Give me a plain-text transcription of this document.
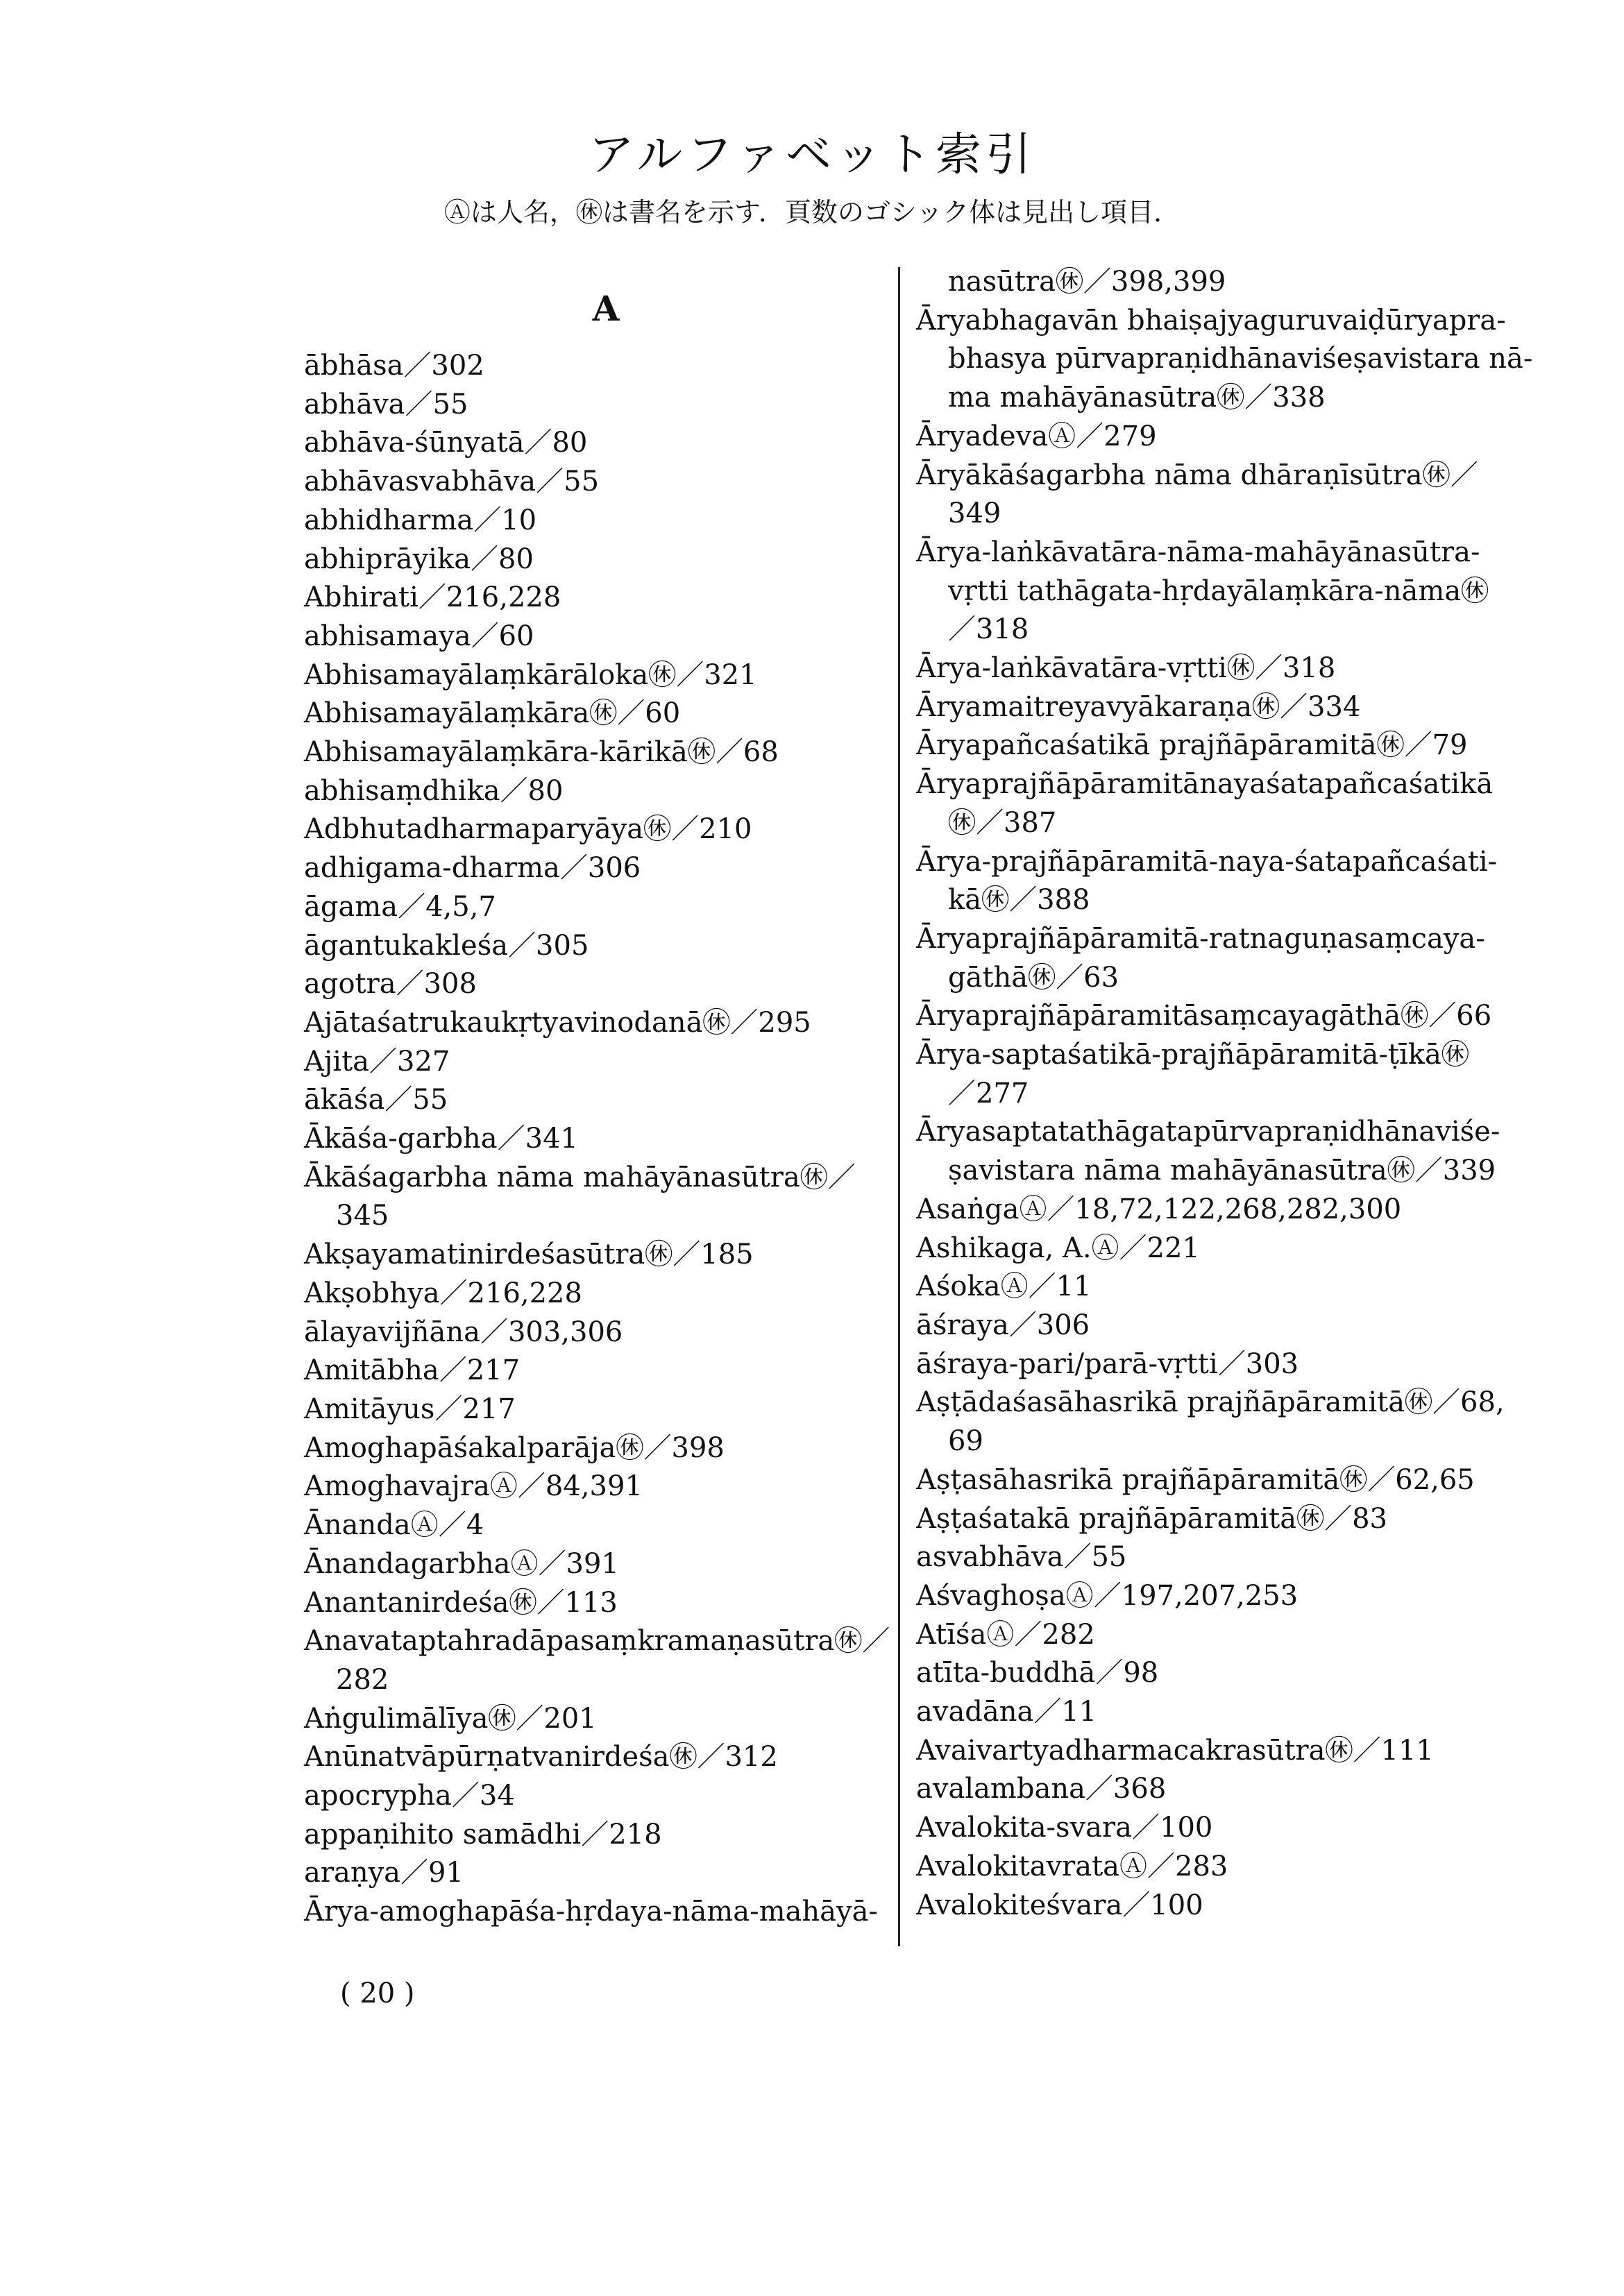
アルファベット索引
Ⓐは人名，㊡は書名を示す．頁数のゴシック体は見出し項目．
A
ābhāsa／302
abhāva／55
abhāva-śūnyatā／80
abhāvasvabhāva／55
abhidharma／10
abhiprāyika／80
Abhirati／216,228
abhisamaya／60
Abhisamayālaṃkārāloka㊡／321
Abhisamayālaṃkāra㊡／60
Abhisamayālaṃkāra-kārikā㊡／68
abhisaṃdhika／80
Adbhutadharmaparyāya㊡／210
adhigama-dharma／306
āgama／4,5,7
āgantukakleśa／305
agotra／308
Ajātaśatrukaukṛtyavinodanā㊡／295
Ajita／327
ākāśa／55
Ākāśa-garbha／341
Ākāśagarbha nāma mahāyānasūtra㊡／
345
Akṣayamatinirdeśasūtra㊡／185
Akṣobhya／216,228
ālayavijñāna／303,306
Amitābha／217
Amitāyus／217
Amoghapāśakalparāja㊡／398
AmoghavajraⒶ／84,391
ĀnandaⒶ／4
ĀnandagarbhaⒶ／391
Anantanirdeśa㊡／113
Anavataptahradāpasaṃkramaṇasūtra㊡／
282
Aṅgulimālīya㊡／201
Anūnatvāpūrṇatvanirdeśa㊡／312
apocrypha／34
appaṇihito samādhi／218
araṇya／91
Ārya-amoghapāśa-hṛdaya-nāma-mahāyā-
nasūtra㊡／398,399
Āryabhagavān bhaiṣajyaguruvaiḍūryapra-
bhasya pūrvapraṇidhānaviśeṣavistara nā-
ma mahāyānasūtra㊡／338
ĀryadevaⒶ／279
Āryākāśagarbha nāma dhāraṇīsūtra㊡／
349
Ārya-laṅkāvatāra-nāma-mahāyānasūtra-
vṛtti tathāgata-hṛdayālaṃkāra-nāma㊡
／318
Ārya-laṅkāvatāra-vṛtti㊡／318
Āryamaitreyavyākaraṇa㊡／334
Āryapañcaśatikā prajñāpāramitā㊡／79
Āryaprajñāpāramitānayaśatapañcaśatikā
㊡／387
Ārya-prajñāpāramitā-naya-śatapañcaśati-
kā㊡／388
Āryaprajñāpāramitā-ratnaguṇasaṃcaya-
gāthā㊡／63
Āryaprajñāpāramitāsaṃcayagāthā㊡／66
Ārya-saptaśatikā-prajñāpāramitā-ṭīkā㊡
／277
Āryasaptatathāgatapūrvapraṇidhānaviśe-
ṣavistara nāma mahāyānasūtra㊡／339
AsaṅgaⒶ／18,72,122,268,282,300
Ashikaga, A.Ⓐ／221
AśokaⒶ／11
āśraya／306
āśraya-pari/parā-vṛtti／303
Aṣṭādaśasāhasrikā prajñāpāramitā㊡／68,
69
Aṣṭasāhasrikā prajñāpāramitā㊡／62,65
Aṣṭaśatakā prajñāpāramitā㊡／83
asvabhāva／55
AśvaghoṣaⒶ／197,207,253
AtīśaⒶ／282
atīta-buddhā／98
avadāna／11
Avaivartyadharmacakrasūtra㊡／111
avalambana／368
Avalokita-svara／100
AvalokitavrataⒶ／283
Avalokiteśvara／100
( 20 )
